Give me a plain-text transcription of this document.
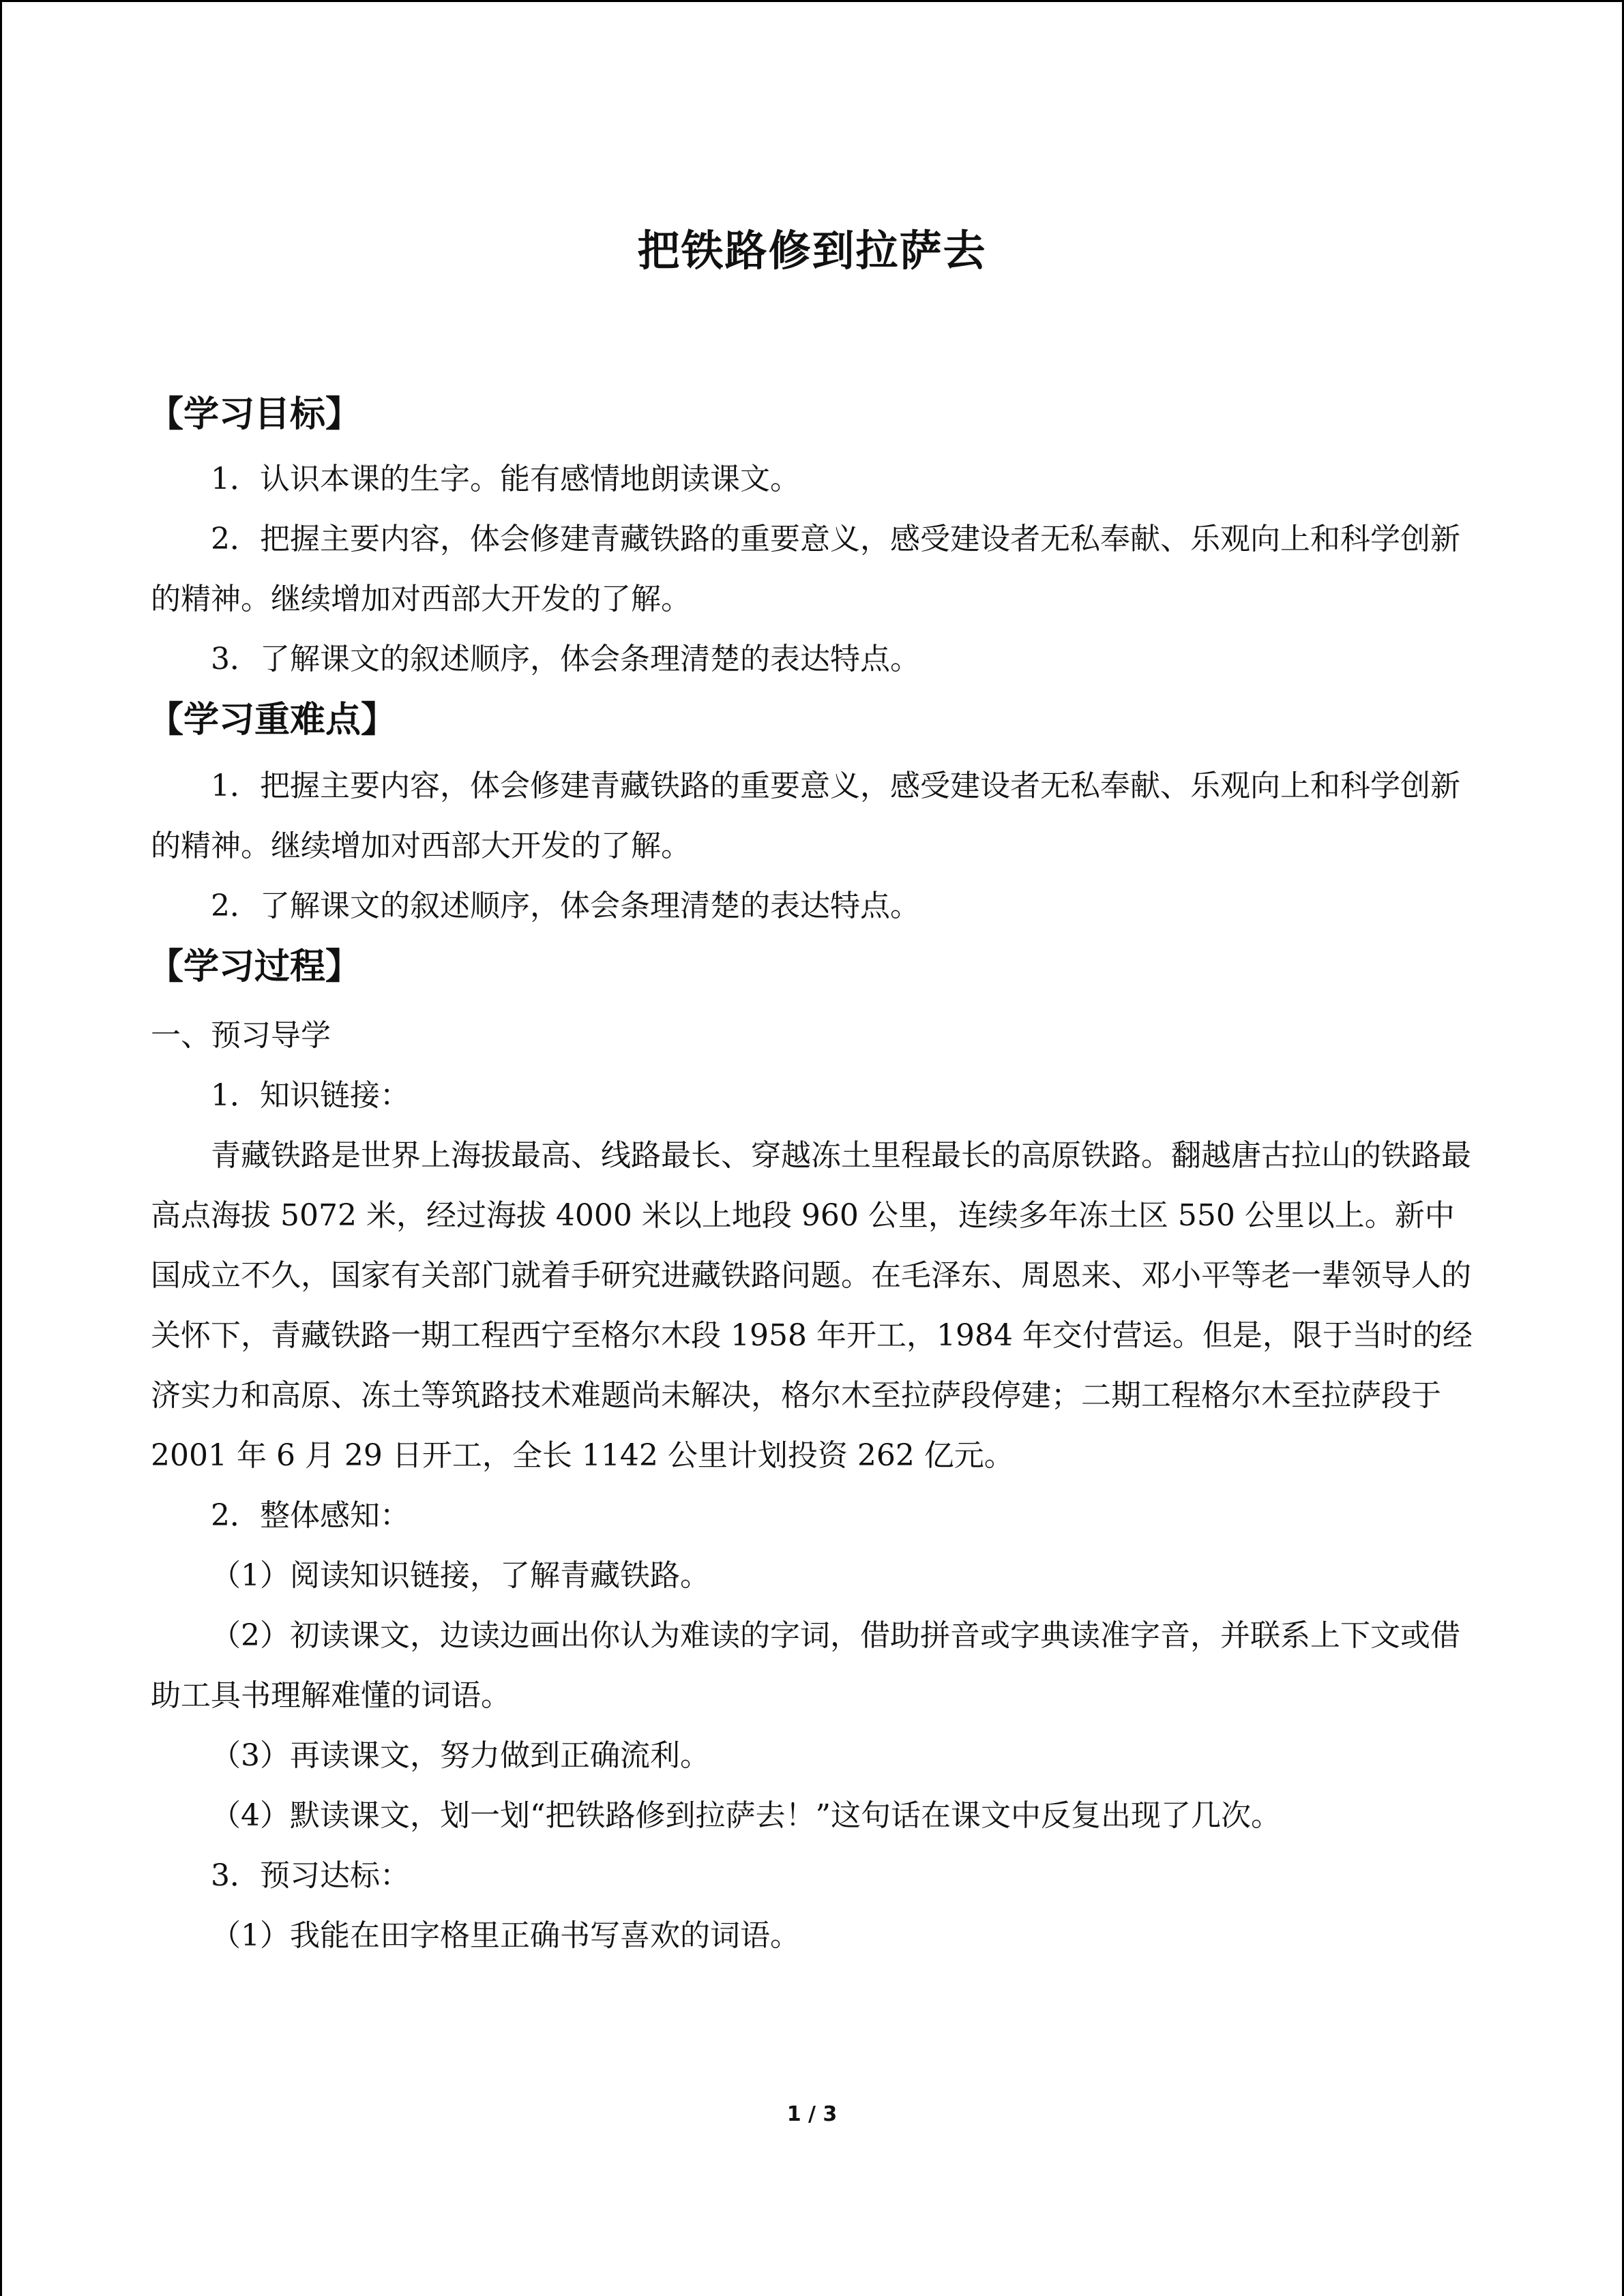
把铁路修到拉萨去
【学习目标】

1．认识本课的生字。能有感情地朗读课文。

2．把握主要内容，体会修建青藏铁路的重要意义，感受建设者无私奉献、乐观向上和科学创新的精神。继续增加对西部大开发的了解。

3．了解课文的叙述顺序，体会条理清楚的表达特点。

【学习重难点】

1．把握主要内容，体会修建青藏铁路的重要意义，感受建设者无私奉献、乐观向上和科学创新的精神。继续增加对西部大开发的了解。

2．了解课文的叙述顺序，体会条理清楚的表达特点。

【学习过程】

一、预习导学

1．知识链接：

青藏铁路是世界上海拔最高、线路最长、穿越冻土里程最长的高原铁路。翻越唐古拉山的铁路最高点海拔 5072 米，经过海拔 4000 米以上地段 960 公里，连续多年冻土区 550 公里以上。新中国成立不久，国家有关部门就着手研究进藏铁路问题。在毛泽东、周恩来、邓小平等老一辈领导人的关怀下，青藏铁路一期工程西宁至格尔木段 1958 年开工，1984 年交付营运。但是，限于当时的经济实力和高原、冻土等筑路技术难题尚未解决，格尔木至拉萨段停建；二期工程格尔木至拉萨段于 2001 年 6 月 29 日开工，全长 1142 公里计划投资 262 亿元。

2．整体感知：

（1）阅读知识链接，了解青藏铁路。

（2）初读课文，边读边画出你认为难读的字词，借助拼音或字典读准字音，并联系上下文或借助工具书理解难懂的词语。

（3）再读课文，努力做到正确流利。

（4）默读课文，划一划“把铁路修到拉萨去！”这句话在课文中反复出现了几次。

3．预习达标：

（1）我能在田字格里正确书写喜欢的词语。

1 / 3
